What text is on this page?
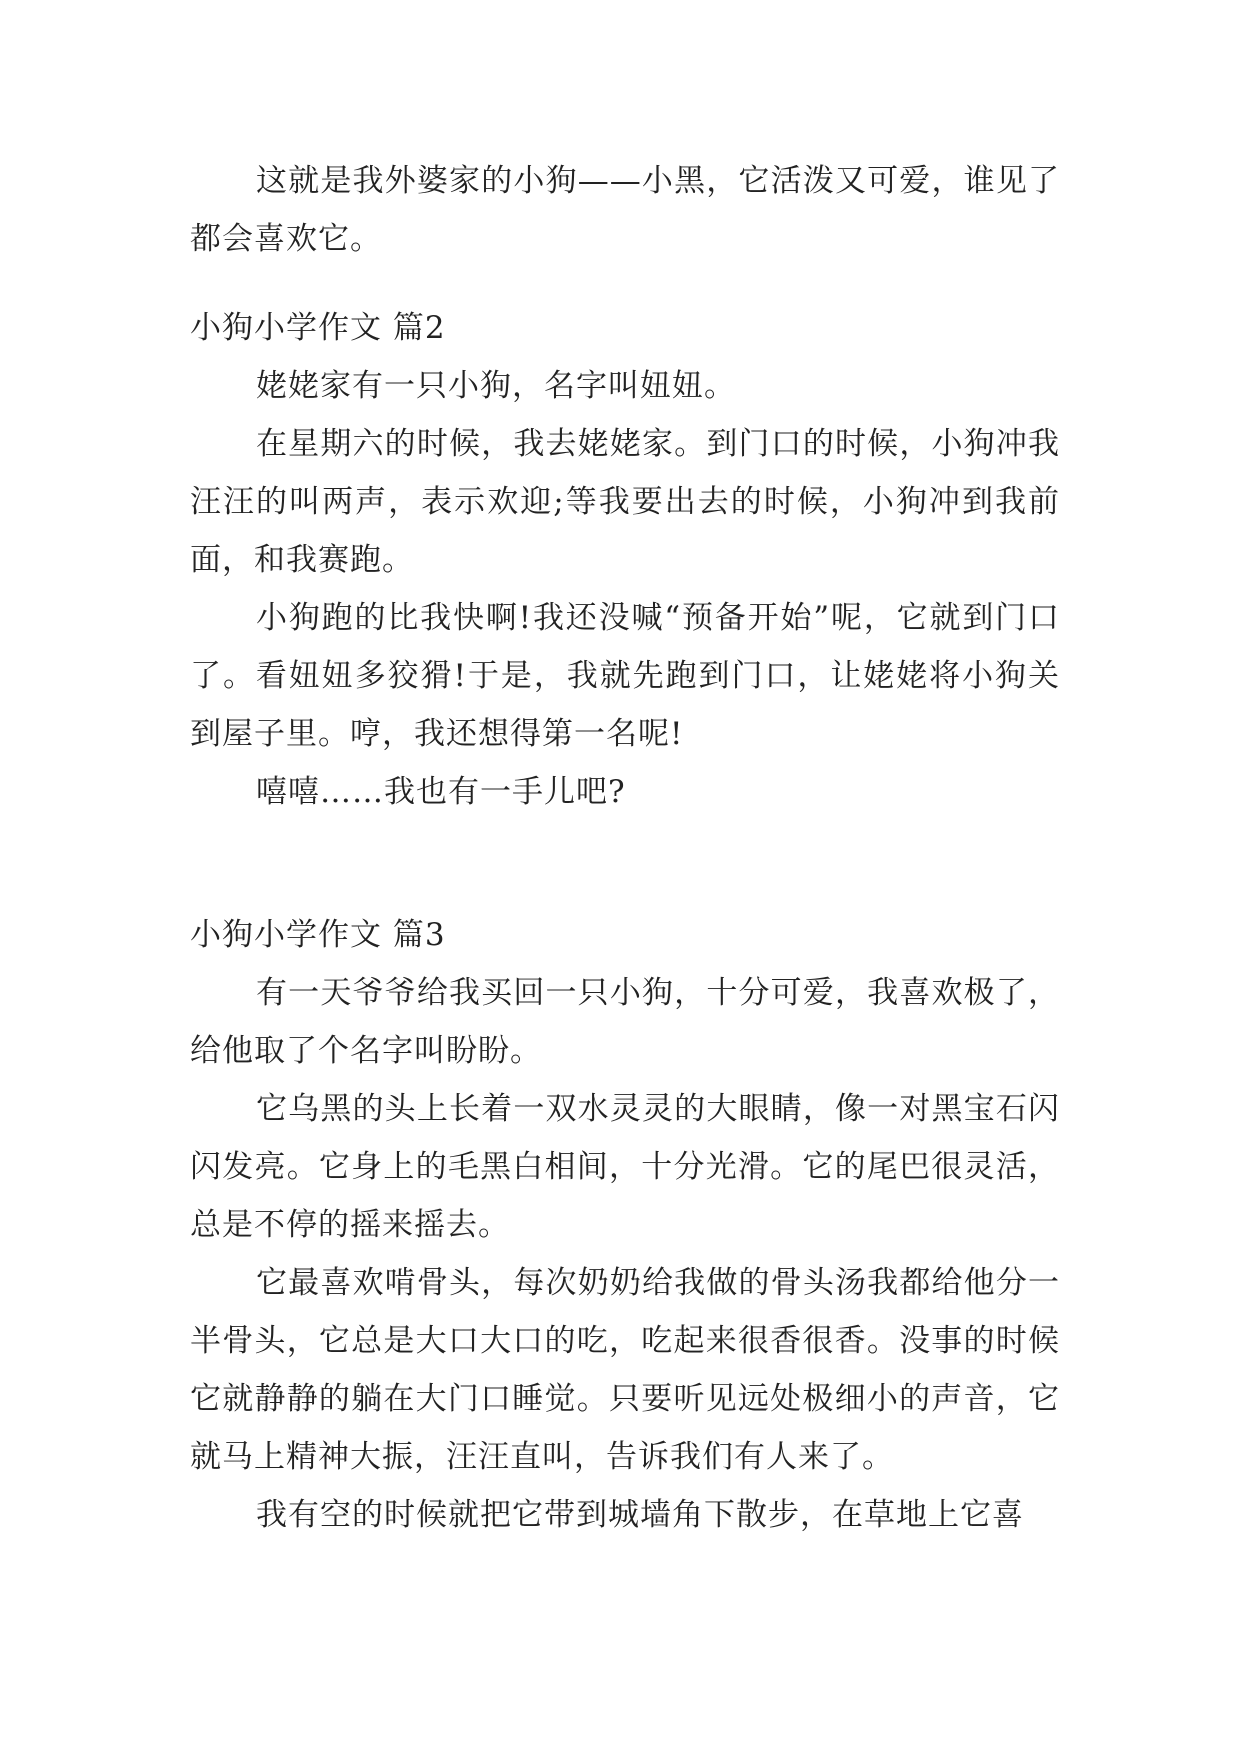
这就是我外婆家的小狗——小黑，它活泼又可爱，谁见了都会喜欢它。

小狗小学作文 篇2

姥姥家有一只小狗，名字叫妞妞。

在星期六的时候，我去姥姥家。到门口的时候，小狗冲我汪汪的叫两声，表示欢迎;等我要出去的时候，小狗冲到我前面，和我赛跑。

小狗跑的比我快啊!我还没喊“预备开始”呢，它就到门口了。看妞妞多狡猾!于是，我就先跑到门口，让姥姥将小狗关到屋子里。哼，我还想得第一名呢!

嘻嘻……我也有一手儿吧?

小狗小学作文 篇3

有一天爷爷给我买回一只小狗，十分可爱，我喜欢极了，给他取了个名字叫盼盼。

它乌黑的头上长着一双水灵灵的大眼睛，像一对黑宝石闪闪发亮。它身上的毛黑白相间，十分光滑。它的尾巴很灵活，总是不停的摇来摇去。

它最喜欢啃骨头，每次奶奶给我做的骨头汤我都给他分一半骨头，它总是大口大口的吃，吃起来很香很香。没事的时候它就静静的躺在大门口睡觉。只要听见远处极细小的声音，它就马上精神大振，汪汪直叫，告诉我们有人来了。

我有空的时候就把它带到城墙角下散步，在草地上它喜
